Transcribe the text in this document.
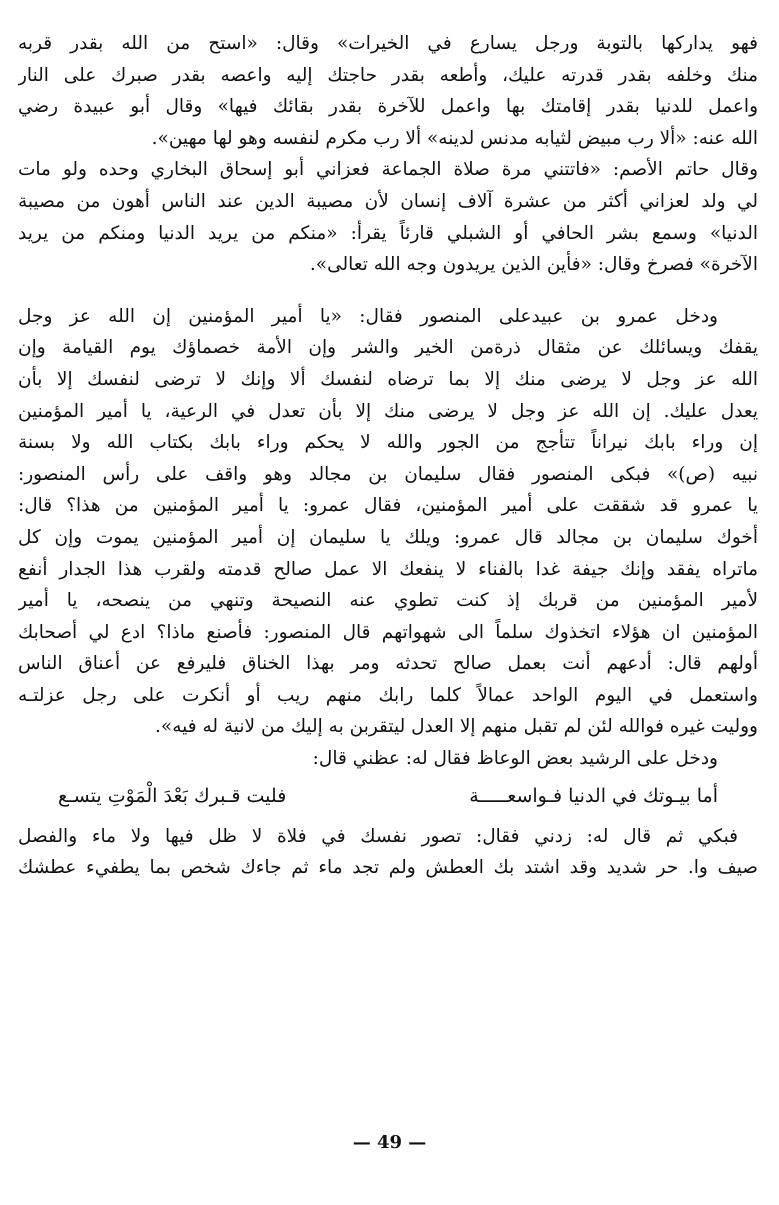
فهو يداركها بالتوبة ورجل يسارع في الخيرات» وقال: «استح من الله بقدر قربه
منك وخلفه بقدر قدرته عليك، وأطعه بقدر حاجتك إليه واعصه بقدر صبرك على النار
واعمل للدنيا بقدر إقامتك بها واعمل للآخرة بقدر بقائك فيها» وقال أبو عبيدة رضي
الله عنه: «ألا رب مبيض لثيابه مدنس لدينه» ألا رب مكرم لنفسه وهو لها مهين».
وقال حاتم الأصم: «فاتتني مرة صلاة الجماعة فعزاني أبو إسحاق البخاري وحده ولو مات
لي ولد لعزاني أكثر من عشرة آلاف إنسان لأن مصيبة الدين عند الناس أهون من مصيبة
الدنيا» وسمع بشر الحافي أو الشبلي قارئاً يقرأ: «منكم من يريد الدنيا ومنكم من يريد
الآخرة» فصرخ وقال: «فأين الذين يريدون وجه الله تعالى».
ودخل عمرو بن عبيدعلى المنصور فقال: «يا أمير المؤمنين إن الله عز وجل
يقفك ويسائلك عن مثقال ذرةمن الخير والشر وإن الأمة خصماؤك يوم القيامة وإن
الله عز وجل لا يرضى منك إلا بما ترضاه لنفسك ألا وإنك لا ترضى لنفسك إلا بأن
يعدل عليك. إن الله عز وجل لا يرضى منك إلا بأن تعدل في الرعية، يا أمير المؤمنين
إن وراء بابك نيراناً تتأجج من الجور والله لا يحكم وراء بابك بكتاب الله ولا بسنة
نبيه (ص)» فبكى المنصور فقال سليمان بن مجالد وهو واقف على رأس المنصور:
يا عمرو قد شققت على أمير المؤمنين، فقال عمرو: يا أمير المؤمنين من هذا؟ قال:
أخوك سليمان بن مجالد قال عمرو: ويلك يا سليمان إن أمير المؤمنين يموت وإن كل
ماتراه يفقد وإنك جيفة غدا بالفناء لا ينفعك الا عمل صالح قدمته ولقرب هذا الجدار أنفع
لأمير المؤمنين من قربك إذ كنت تطوي عنه النصيحة وتنهي من ينصحه، يا أمير
المؤمنين ان هؤلاء اتخذوك سلماً الى شهواتهم قال المنصور: فأصنع ماذا؟ ادع لي أصحابك
أولهم قال: أدعهم أنت بعمل صالح تحدثه ومر بهذا الخناق فليرفع عن أعناق الناس
واستعمل في اليوم الواحد عمالاً كلما رابك منهم ريب أو أنكرت على رجل عزلتـه
ووليت غيره فوالله لئن لم تقبل منهم إلا العدل ليتقربن به إليك من لانية له فيه».
ودخل على الرشيد بعض الوعاظ فقال له: عظني قال:
أما بيـوتك في الدنيا فـواسعـــــة
فليت قـبرك بَعْدَ الْمَوْتِ يتسـع
فبكي ثم قال له: زدني فقال: تصور نفسك في فلاة لا ظل فيها ولا ماء والفصل
صيف وا. حر شديد وقد اشتد بك العطش ولم تجد ماء ثم جاءك شخص بما يطفيء عطشك
— 49 —
